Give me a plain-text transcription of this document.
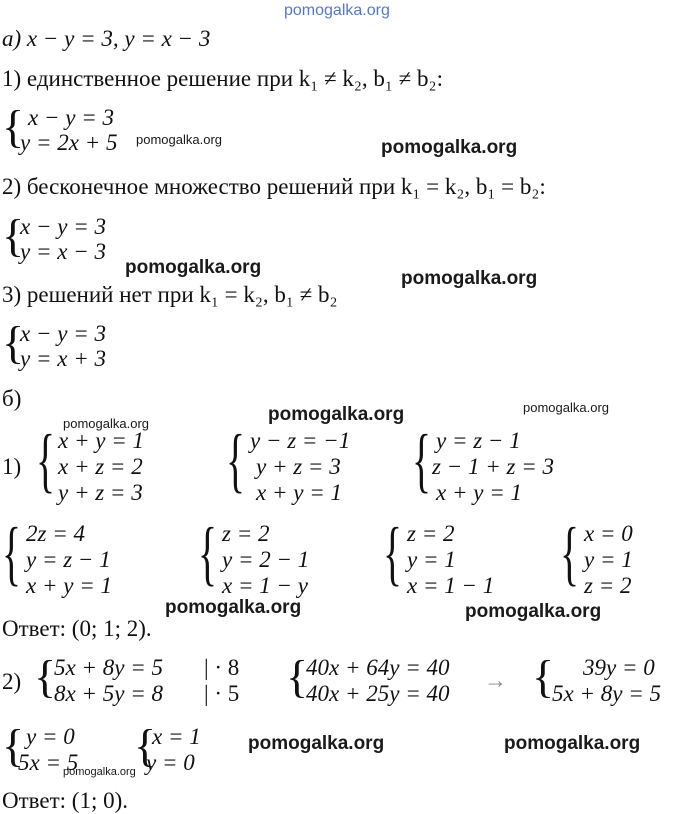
pomogalka.org
pomogalka.org	pomogalka.org
pomogalka.org
pomogalka.org
pomogalka.org	pomogalka.org	pomogalka.org
pomogalka.org	pomogalka.org
pomogalka.org	pomogalka.org
pomogalka.org
а) x − y = 3, y = x − 3
1) единственное решение при k₁ ≠ k₂, b₁ ≠ b₂:
{ x − y = 3
y = 2x + 5
2) бесконечное множество решений при k₁ = k₂, b₁ = b₂:
{
x − y = 3
y = x − 3
3) решений нет при k₁ = k₂, b₁ ≠ b₂
{
x − y = 3
y = x + 3
б)
1) { x + y = 1
x + z = 2
y + z = 3 { y − z = −1
y + z = 3
x + y = 1 { y = z − 1
z − 1 + z = 3
x + y = 1
{ 2z = 4
y = z − 1
x + y = 1 { z = 2
y = 2 − 1
x = 1 − y { z = 2
y = 1
x = 1 − 1 { x = 0
y = 1
z = 2
Ответ: (0; 1; 2).
2) {
5x + 8y = 5
8x + 5y = 8
| · 8
| · 5 {
40x + 64y = 40
40x + 25y = 40
→ { 39y = 0
5x + 8y = 5
{ y = 0
5x = 5 {
x = 1
y = 0
Ответ: (1; 0).
